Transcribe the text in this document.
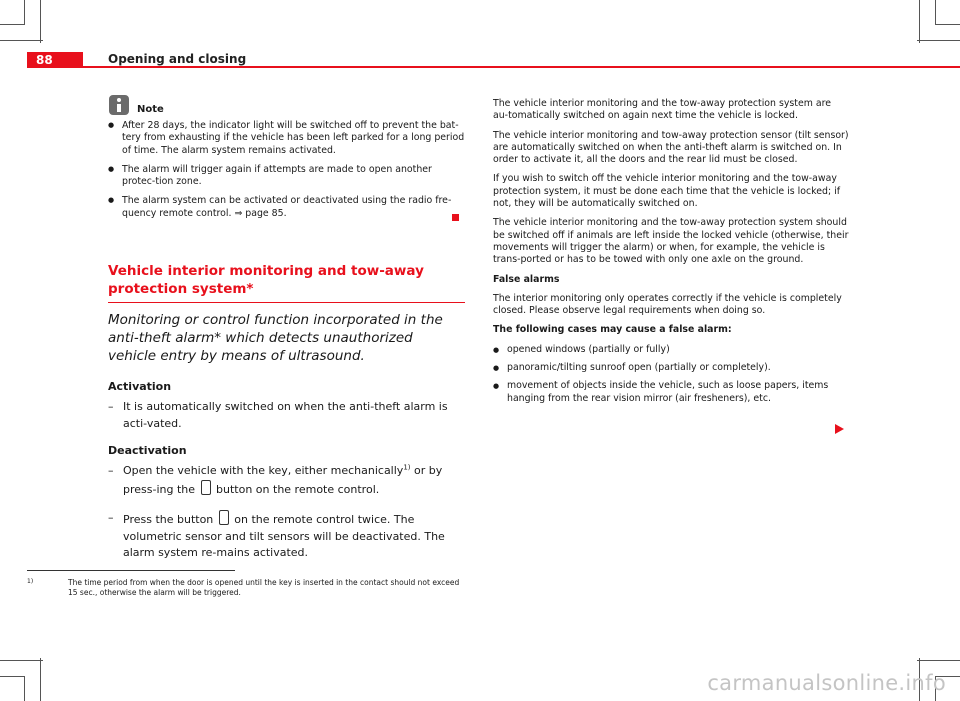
88	Opening and closing
Note

● After 28 days, the indicator light will be switched off to prevent the bat-tery from exhausting if the vehicle has been left parked for a long period of time. The alarm system remains activated.

● The alarm will trigger again if attempts are made to open another protec-tion zone.

● The alarm system can be activated or deactivated using the radio fre-quency remote control. ⇒ page 85.

Vehicle interior monitoring and tow-away protection system*
Monitoring or control function incorporated in the anti-theft alarm* which detects unauthorized vehicle entry by means of ultrasound.
Activation
– It is automatically switched on when the anti-theft alarm is acti-vated.
Deactivation
– Open the vehicle with the key, either mechanically$^{1)}$ or by press-ing the  button on the remote control.
– Press the button  on the remote control twice. The volumetric sensor and tilt sensors will be deactivated. The alarm system re-mains activated.

The vehicle interior monitoring and the tow-away protection system are au-tomatically switched on again next time the vehicle is locked.

The vehicle interior monitoring and tow-away protection sensor (tilt sensor) are automatically switched on when the anti-theft alarm is switched on. In order to activate it, all the doors and the rear lid must be closed.

If you wish to switch off the vehicle interior monitoring and the tow-away protection system, it must be done each time that the vehicle is locked; if not, they will be automatically switched on.

The vehicle interior monitoring and the tow-away protection system should be switched off if animals are left inside the locked vehicle (otherwise, their movements will trigger the alarm) or when, for example, the vehicle is trans-ported or has to be towed with only one axle on the ground.

False alarms

The interior monitoring only operates correctly if the vehicle is completely closed. Please observe legal requirements when doing so.

The following cases may cause a false alarm:

● opened windows (partially or fully)
● panoramic/tilting sunroof open (partially or completely).
● movement of objects inside the vehicle, such as loose papers, items hanging from the rear vision mirror (air fresheners), etc.
1)	The time period from when the door is opened until the key is inserted in the contact should not exceed 15 sec., otherwise the alarm will be triggered.
carmanualsonline.info
